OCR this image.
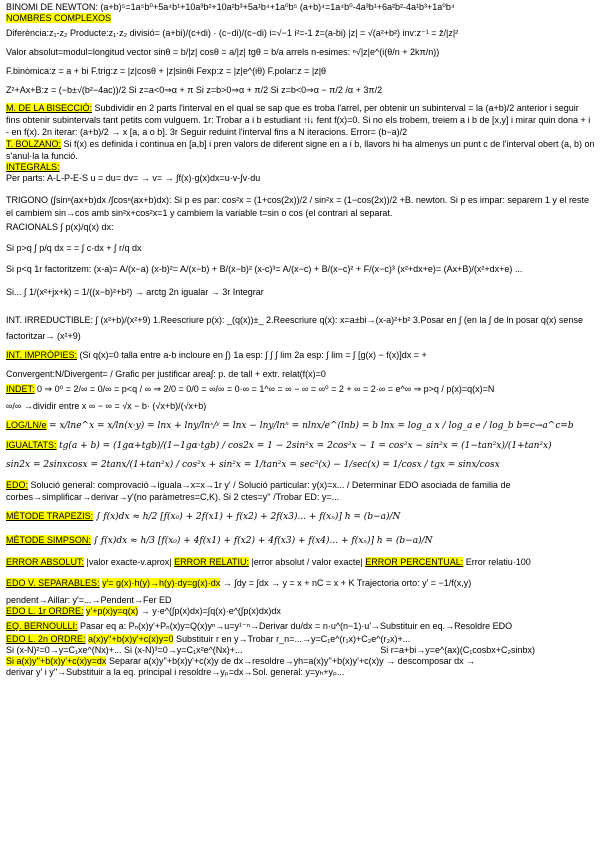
BINOMI DE NEWTON: (a+b)⁵=1a⁵b⁰+5a⁴b¹+10a³b²+10a²b³+5a¹b⁴+1a⁰b⁵ (a+b)⁴=1a⁴b⁰-4a³b¹+6a²b²-4a¹b³+1a⁰b⁴
NOMBRES COMPLEXOS
Diferència:z₁-z₂ Producte:z₁·z₂ divisió= (a+bi)/(c+di) · (c−di)/(c−di) i=√−1 i²=-1 z̄=(a-bi) |z| = √(a²+b²) inv:z⁻¹ = z̄/|z|²
Valor absolut=modul=longitud vector sinθ = b/|z| cosθ = a/|z| tgθ = b/a arrels n-esimes: ⁿ√|z|e^(i(θ/n + 2kπ/n))
F.binòmica:z = a + bi F.trig:z = |z|cosθ + |z|sinθi Fexp:z = |z|e^(iθ) F.polar:z = |z|θ
Z²+Ax+B:z = (−b±√(b²−4ac))/2 Si z=a<0⇒α + π Si z=b>0⇒α + π/2 Si z=b<0⇒α − π/2 /α + 3π/2
M. DE LA BISECCIÓ: Subdividir en 2 parts l'interval en el qual se sap que es troba l'arrel, per obtenir un subinterval = la (a+b)/2 anterior i seguir fins obtenir subintervals tant petits com vulguem. 1r: Trobar a i b estudiant ↑i↓ fent f(x)=0. Si no els trobem, treiem a i b de [x,y] i mirar quin dona + i - en f(x). 2n iterar: (a+b)/2 → x [a, a o b]. 3r Seguir reduint l'interval fins a N iteracions. Error= (b−a)/2
T. BOLZANO: Si f(x) es definida i continua en [a,b] i pren valors de diferent signe en a i b, llavors hi ha almenys un punt c de l'interval obert (a, b) on s'anul·la la funció.
INTEGRALS:
Per parts: A-L-P-E-S u = du= dv= → v= → ∫f(x)·g(x)dx=u·v-∫v·du
TRIGONO (∫sinⁿ(ax+b)dx /∫cosⁿ(ax+b)dx): Si p es par: cos²x = (1+cos(2x))/2 / sin²x = (1−cos(2x))/2 +B. newton. Si p es impar: separem 1 y el reste el cambiem sin→cos amb sin²x+cos²x=1 y cambiem la variable t=sin o cos (el contrari al separat.
RACIONALS ∫ p(x)/q(x) dx:
Si p>q ∫ p/q dx = = ∫ c·dx + ∫ r/q dx
Si p<q 1r factoritzem: (x-a)= A/(x−a) (x-b)²= A/(x−b) + B/(x−b)² (x-c)³= A/(x−c) + B/(x−c)² + F/(x−c)³ (x²+dx+e)= (Ax+B)/(x²+dx+e) ...
Si... ∫ 1/(x²+jx+k) = 1/((x−b)²+b²) → arctg 2n igualar → 3r Integrar
INT. IRREDUCTIBLE: ∫ (x²+b)/(x²+9) 1.Reescriure p(x): _(q(x))±_ 2.Reescriure q(x): x=a±bi→(x-a)²+b² 3.Posar en ∫ (en la ∫ de ln posar q(x) sense factoritzar→ (x²+9)
INT. IMPRÒPIES: (Si q(x)=0 talla entre a-b incloure en ∫) 1a esp: ∫ ∫ ∫ lim 2a esp: ∫ lim = ∫ [g(x) − f(x)]dx = +
Convergent:N/Divergent= / Grafic per justificar area∫: p. de tall + extr. relat(f(x)=0
INDET: 0 ⇒ 0⁰ = 2/∞ = 0/∞ = p<q / ∞ ⇒ 2/0 = 0/0 = ∞/∞ = 0·∞ = 1^∞ = ∞ − ∞ = ∞⁰ = 2 + ∞ = 2·∞ = e^∞ ⇒ p>q / p(x)=q(x)=N
∞/∞ →dividir entre x ∞ − ∞ = √x − b· (√x+b)/(√x+b)
LOG/LN/e = x/lne^x = x/ln(x·y) = lnx + lny/lnˣ/ʸ = lnx − lny/lnⁿ = nlnx/e^(lnb) = b lnx = log_a x / log_a e / log_b b=c→a^c=b
IGUALTATS: tg(a + b) = (1gα+tgb)/(1−1gα·tgb) / cos2x = 1 − 2sin²x = 2cos²x − 1 = cos²x − sin²x = (1−tan²x)/(1+tan²x)
sin2x = 2sinxcosx = 2tanx/(1+tan²x) / cos²x + sin²x = 1/tan²x = sec²(x) − 1/sec(x) = 1/cosx / tgx = sinx/cosx
EDO: Solució general: comprovació→iguala→x=x→1r y' / Solució particular: y(x)=x... / Determinar EDO asociada de familia de corbes→simplificar→derivar→y'(no paràmetres=C,K). Si 2 ctes=y'' /Trobar ED: y=...
MÈTODE TRAPEZIS: ∫ f(x)dx ≈ h/2 [f(x₀) + 2f(x1) + f(x2) + 2f(x3)... + f(xₙ)] h = (b−a)/N
MÈTODE SIMPSON: ∫ f(x)dx ≈ h/3 [f(x₀) + 4f(x1) + f(x2) + 4f(x3) + f(x4)... + f(xₙ)] h = (b−a)/N
ERROR ABSOLUT: |valor exacte-v.aprox| ERROR RELATIU: |error absolut / valor exacte| ERROR PERCENTUAL: Error relatiu·100
EDO V. SEPARABLES: y'= g(x)·h(y)→h(y)·dy=g(x)·dx → ∫dy = ∫dx → y = x + nC = x + K Trajectoria orto: y' = −1/f(x,y)
pendent→Aillar: y'=...→Pendent→Fer ED
EDO L. 1r ORDRE: y'+p(x)y=q(x) → y·e^(∫p(x)dx)=∫q(x)·e^(∫p(x)dx)dx
EQ. BERNOULLI: Pasar eq a: Pₙ(x)y'+Pₙ(x)y=Q(x)yⁿ→u=y¹⁻ⁿ→Derivar du/dx = n·u^(n−1)·u'→Substituir en eq.→Resoldre EDO
EDO L. 2n ORDRE: a(x)y''+b(x)y'+c(x)y=0 Substituir r en y→Trobar r_n=...→y=C₁e^(r₁x)+C₂e^(r₂x)+...
Si (x-N)²=0→y=C₁xe^(Nx)+... Si (x-N)³=0→y=C₁x²e^(Nx)+...	Si r=a+bi→y=e^(ax)(C₁cosbx+C₂sinbx)
Si a(x)y''+b(x)y'+c(x)y=dx Separar a(x)y''+b(x)y'+c(x)y de dx→resoldre→yh=a(x)y''+b(x)y'+c(x)y → descomposar dx →
derivar y' i y''→Substituir a la eq. principal i resoldre→yₚ=dx→Sol. general: y=yₕ+yₚ...
